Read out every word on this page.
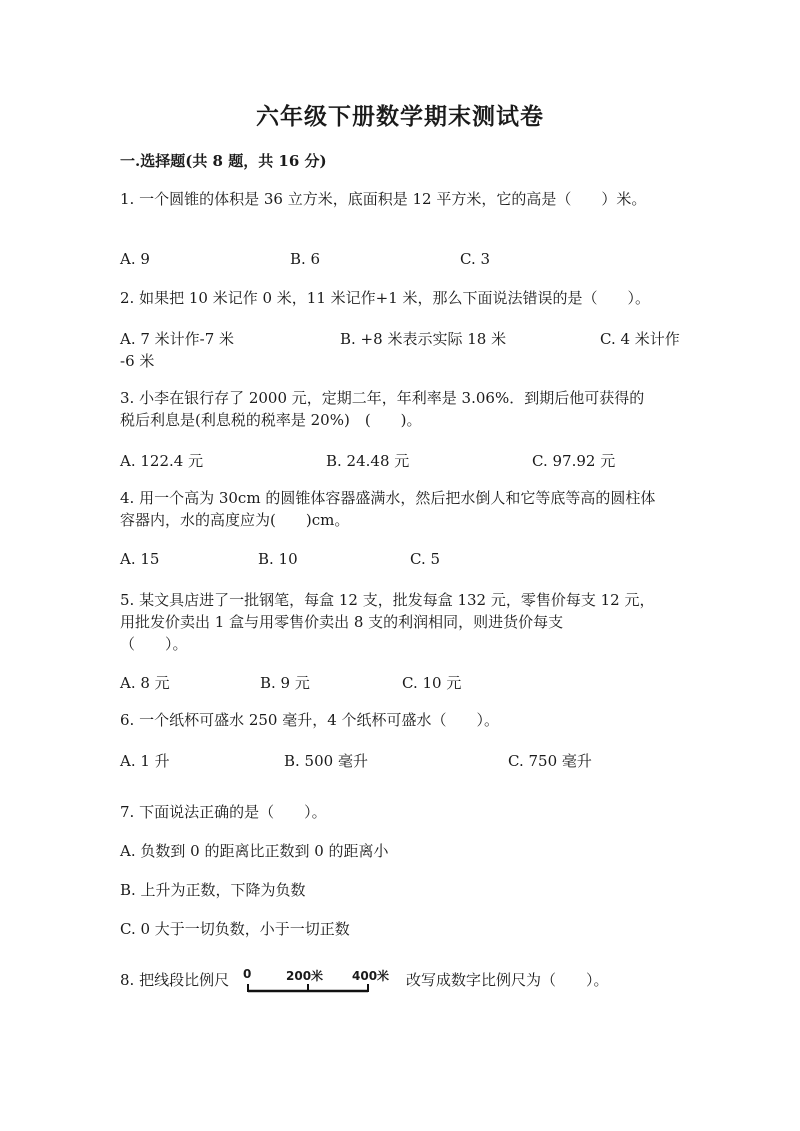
六年级下册数学期末测试卷
一.选择题(共 8 题，共 16 分)
1. 一个圆锥的体积是 36 立方米，底面积是 12 平方米，它的高是（　　）米。
A. 9	B. 6	C. 3
2. 如果把 10 米记作 0 米，11 米记作+1 米，那么下面说法错误的是（　　）。
A. 7 米计作-7 米	B. +8 米表示实际 18 米	C. 4 米计作
-6 米
3. 小李在银行存了 2000 元，定期二年，年利率是 3.06%．到期后他可获得的
税后利息是(利息税的税率是 20%)　(　　)。
A. 122.4 元	B. 24.48 元	C. 97.92 元
4. 用一个高为 30cm 的圆锥体容器盛满水，然后把水倒人和它等底等高的圆柱体
容器内，水的高度应为(　　)cm。
A. 15	B. 10	C. 5
5. 某文具店进了一批钢笔，每盒 12 支，批发每盒 132 元，零售价每支 12 元，
用批发价卖出 1 盒与用零售价卖出 8 支的利润相同，则进货价每支
（　　）。
A. 8 元	B. 9 元	C. 10 元
6. 一个纸杯可盛水 250 毫升，4 个纸杯可盛水（　　）。
A. 1 升	B. 500 毫升	C. 750 毫升
7. 下面说法正确的是（　　）。
A. 负数到 0 的距离比正数到 0 的距离小
B. 上升为正数，下降为负数
C. 0 大于一切负数，小于一切正数
8. 把线段比例尺 0	200米 400米 改写成数字比例尺为（　　）。
